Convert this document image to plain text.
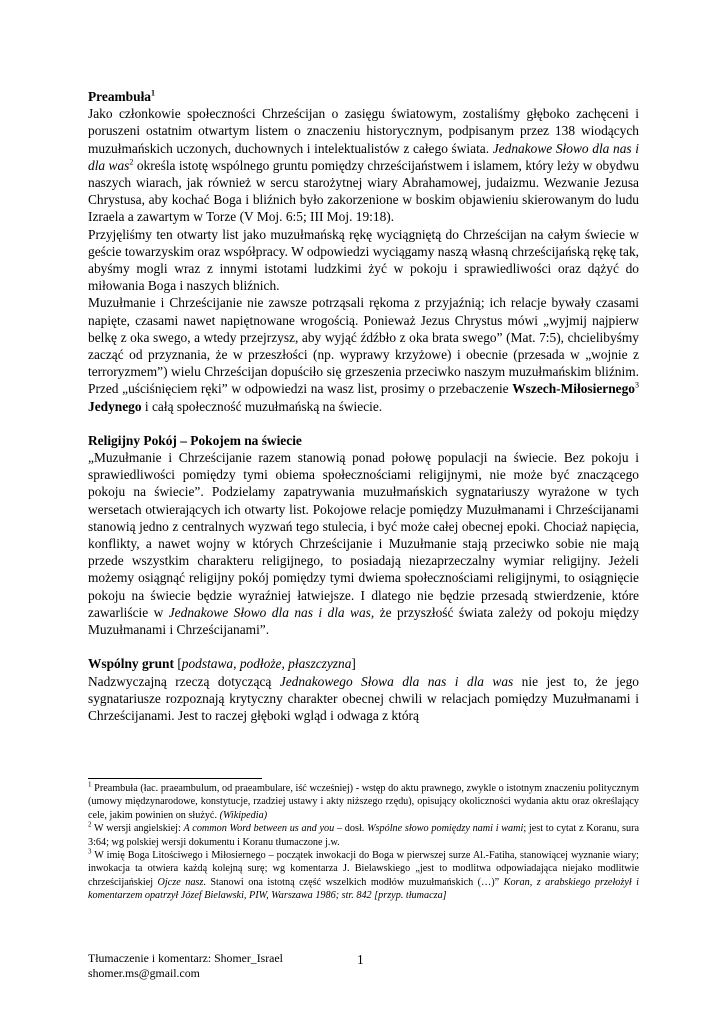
Preambuła$^1$

Jako członkowie społeczności Chrześcijan o zasięgu światowym, zostaliśmy głęboko zachęceni i poruszeni ostatnim otwartym listem o znaczeniu historycznym, podpisanym przez 138 wiodących muzułmańskich uczonych, duchownych i intelektualistów z całego świata. Jednakowe Słowo dla nas i dla was$^2$ określa istotę wspólnego gruntu pomiędzy chrześcijaństwem i islamem, który leży w obydwu naszych wiarach, jak również w sercu starożytnej wiary Abrahamowej, judaizmu. Wezwanie Jezusa Chrystusa, aby kochać Boga i bliźnich było zakorzenione w boskim objawieniu skierowanym do ludu Izraela a zawartym w Torze (V Moj. 6:5; III Moj. 19:18).

Przyjęliśmy ten otwarty list jako muzułmańską rękę wyciągniętą do Chrześcijan na całym świecie w geście towarzyskim oraz współpracy. W odpowiedzi wyciągamy naszą własną chrześcijańską rękę tak, abyśmy mogli wraz z innymi istotami ludzkimi żyć w pokoju i sprawiedliwości oraz dążyć do miłowania Boga i naszych bliźnich.

Muzułmanie i Chrześcijanie nie zawsze potrząsali rękoma z przyjaźnią; ich relacje bywały czasami napięte, czasami nawet napiętnowane wrogością. Ponieważ Jezus Chrystus mówi „wyjmij najpierw belkę z oka swego, a wtedy przejrzysz, aby wyjąć źdźbło z oka brata swego” (Mat. 7:5), chcielibyśmy zacząć od przyznania, że w przeszłości (np. wyprawy krzyżowe) i obecnie (przesada w „wojnie z terroryzmem”) wielu Chrześcijan dopuściło się grzeszenia przeciwko naszym muzułmańskim bliźnim. Przed „uściśnięciem ręki” w odpowiedzi na wasz list, prosimy o przebaczenie Wszech-Miłosiernego$^3$ Jedynego i całą społeczność muzułmańską na świecie.

Religijny Pokój – Pokojem na świecie

„Muzułmanie i Chrześcijanie razem stanowią ponad połowę populacji na świecie. Bez pokoju i sprawiedliwości pomiędzy tymi obiema społecznościami religijnymi, nie może być znaczącego pokoju na świecie”. Podzielamy zapatrywania muzułmańskich sygnatariuszy wyrażone w tych wersetach otwierających ich otwarty list. Pokojowe relacje pomiędzy Muzułmanami i Chrześcijanami stanowią jedno z centralnych wyzwań tego stulecia, i być może całej obecnej epoki. Chociaż napięcia, konflikty, a nawet wojny w których Chrześcijanie i Muzułmanie stają przeciwko sobie nie mają przede wszystkim charakteru religijnego, to posiadają niezaprzeczalny wymiar religijny. Jeżeli możemy osiągnąć religijny pokój pomiędzy tymi dwiema społecznościami religijnymi, to osiągnięcie pokoju na świecie będzie wyraźniej łatwiejsze. I dlatego nie będzie przesadą stwierdzenie, które zawarliście w Jednakowe Słowo dla nas i dla was, że przyszłość świata zależy od pokoju między Muzułmanami i Chrześcijanami”.

Wspólny grunt [podstawa, podłoże, płaszczyzna]

Nadzwyczajną rzeczą dotyczącą Jednakowego Słowa dla nas i dla was nie jest to, że jego sygnatariusze rozpoznają krytyczny charakter obecnej chwili w relacjach pomiędzy Muzułmanami i Chrześcijanami. Jest to raczej głęboki wgląd i odwaga z którą

$^1$ Preambuła (łac. praeambulum, od praeambulare, iść wcześniej) - wstęp do aktu prawnego, zwykle o istotnym znaczeniu politycznym (umowy międzynarodowe, konstytucje, rzadziej ustawy i akty niższego rzędu), opisujący okoliczności wydania aktu oraz określający cele, jakim powinien on służyć. (Wikipedia)

$^2$ W wersji angielskiej: A common Word between us and you – dosł. Wspólne słowo pomiędzy nami i wami; jest to cytat z Koranu, sura 3:64; wg polskiej wersji dokumentu i Koranu tłumaczone j.w.

$^3$ W imię Boga Litościwego i Miłosiernego – początek inwokacji do Boga w pierwszej surze Al.-Fatiha, stanowiącej wyznanie wiary; inwokacja ta otwiera każdą kolejną surę; wg komentarza J. Bielawskiego „jest to modlitwa odpowiadająca niejako modlitwie chrześcijańskiej Ojcze nasz. Stanowi ona istotną część wszelkich modłów muzułmańskich (…)” Koran, z arabskiego przełożył i komentarzem opatrzył Józef Bielawski, PIW, Warszawa 1986; str. 842 [przyp. tłumacza]

Tłumaczenie i komentarz: Shomer_Israel
shomer.ms@gmail.com
1
